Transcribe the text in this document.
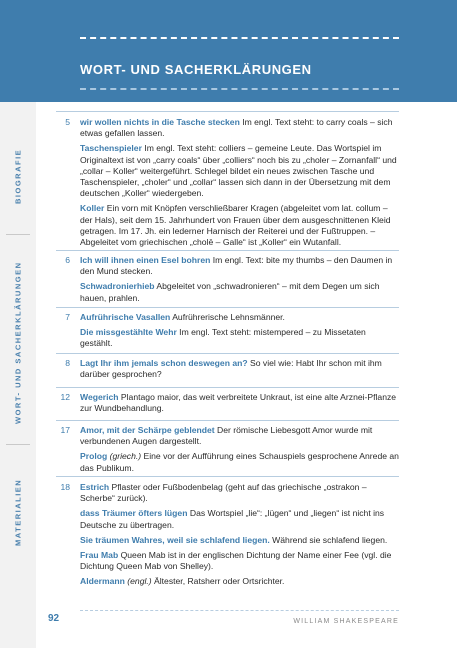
WORT- UND SACHERKLÄRUNGEN
BIOGRAFIE
WORT- UND SACHERKLÄRUNGEN
MATERIALIEN
5 wir wollen nichts in die Tasche stecken Im engl. Text steht: to carry coals – sich etwas gefallen lassen.

Taschenspieler Im engl. Text steht: colliers – gemeine Leute. Das Wortspiel im Originaltext ist von „carry coals“ über „colliers“ noch bis zu „choler – Zornanfall“ und „collar – Koller“ weitergeführt. Schlegel bildet ein neues zwischen Tasche und Taschenspieler, „choler“ und „collar“ lassen sich dann in der Übersetzung mit dem deutschen „Koller“ wiedergeben.

Koller Ein vorn mit Knöpfen verschließbarer Kragen (abgeleitet vom lat. collum – der Hals), seit dem 15. Jahrhundert von Frauen über dem ausgeschnittenen Kleid getragen. Im 17. Jh. ein lederner Harnisch der Reiterei und der Fußtruppen. – Abgeleitet vom griechischen „cholē – Galle“ ist „Koller“ ein Wutanfall.

6 Ich will ihnen einen Esel bohren Im engl. Text: bite my thumbs – den Daumen in den Mund stecken.

Schwadronierhieb Abgeleitet von „schwadronieren“ – mit dem Degen um sich hauen, prahlen.

7 Aufrührische Vasallen Aufrührerische Lehnsmänner.

Die missgestählte Wehr Im engl. Text steht: mistempered – zu Missetaten gestählt.

8 Lagt Ihr ihm jemals schon deswegen an? So viel wie: Habt Ihr schon mit ihm darüber gesprochen?

12 Wegerich Plantago maior, das weit verbreitete Unkraut, ist eine alte Arznei-Pflanze zur Wundbehandlung.

17 Amor, mit der Schärpe geblendet Der römische Liebesgott Amor wurde mit verbundenen Augen dargestellt.

Prolog (griech.) Eine vor der Aufführung eines Schauspiels gesprochene Anrede an das Publikum.

18 Estrich Pflaster oder Fußbodenbelag (geht auf das griechische „ostrakon – Scherbe“ zurück).

dass Träumer öfters lügen Das Wortspiel „lie“: „lügen“ und „liegen“ ist nicht ins Deutsche zu übertragen.

Sie träumen Wahres, weil sie schlafend liegen. Während sie schlafend liegen.

Frau Mab Queen Mab ist in der englischen Dichtung der Name einer Fee (vgl. die Dichtung Queen Mab von Shelley).

Aldermann (engl.) Ältester, Ratsherr oder Ortsrichter.

92	WILLIAM SHAKESPEARE
